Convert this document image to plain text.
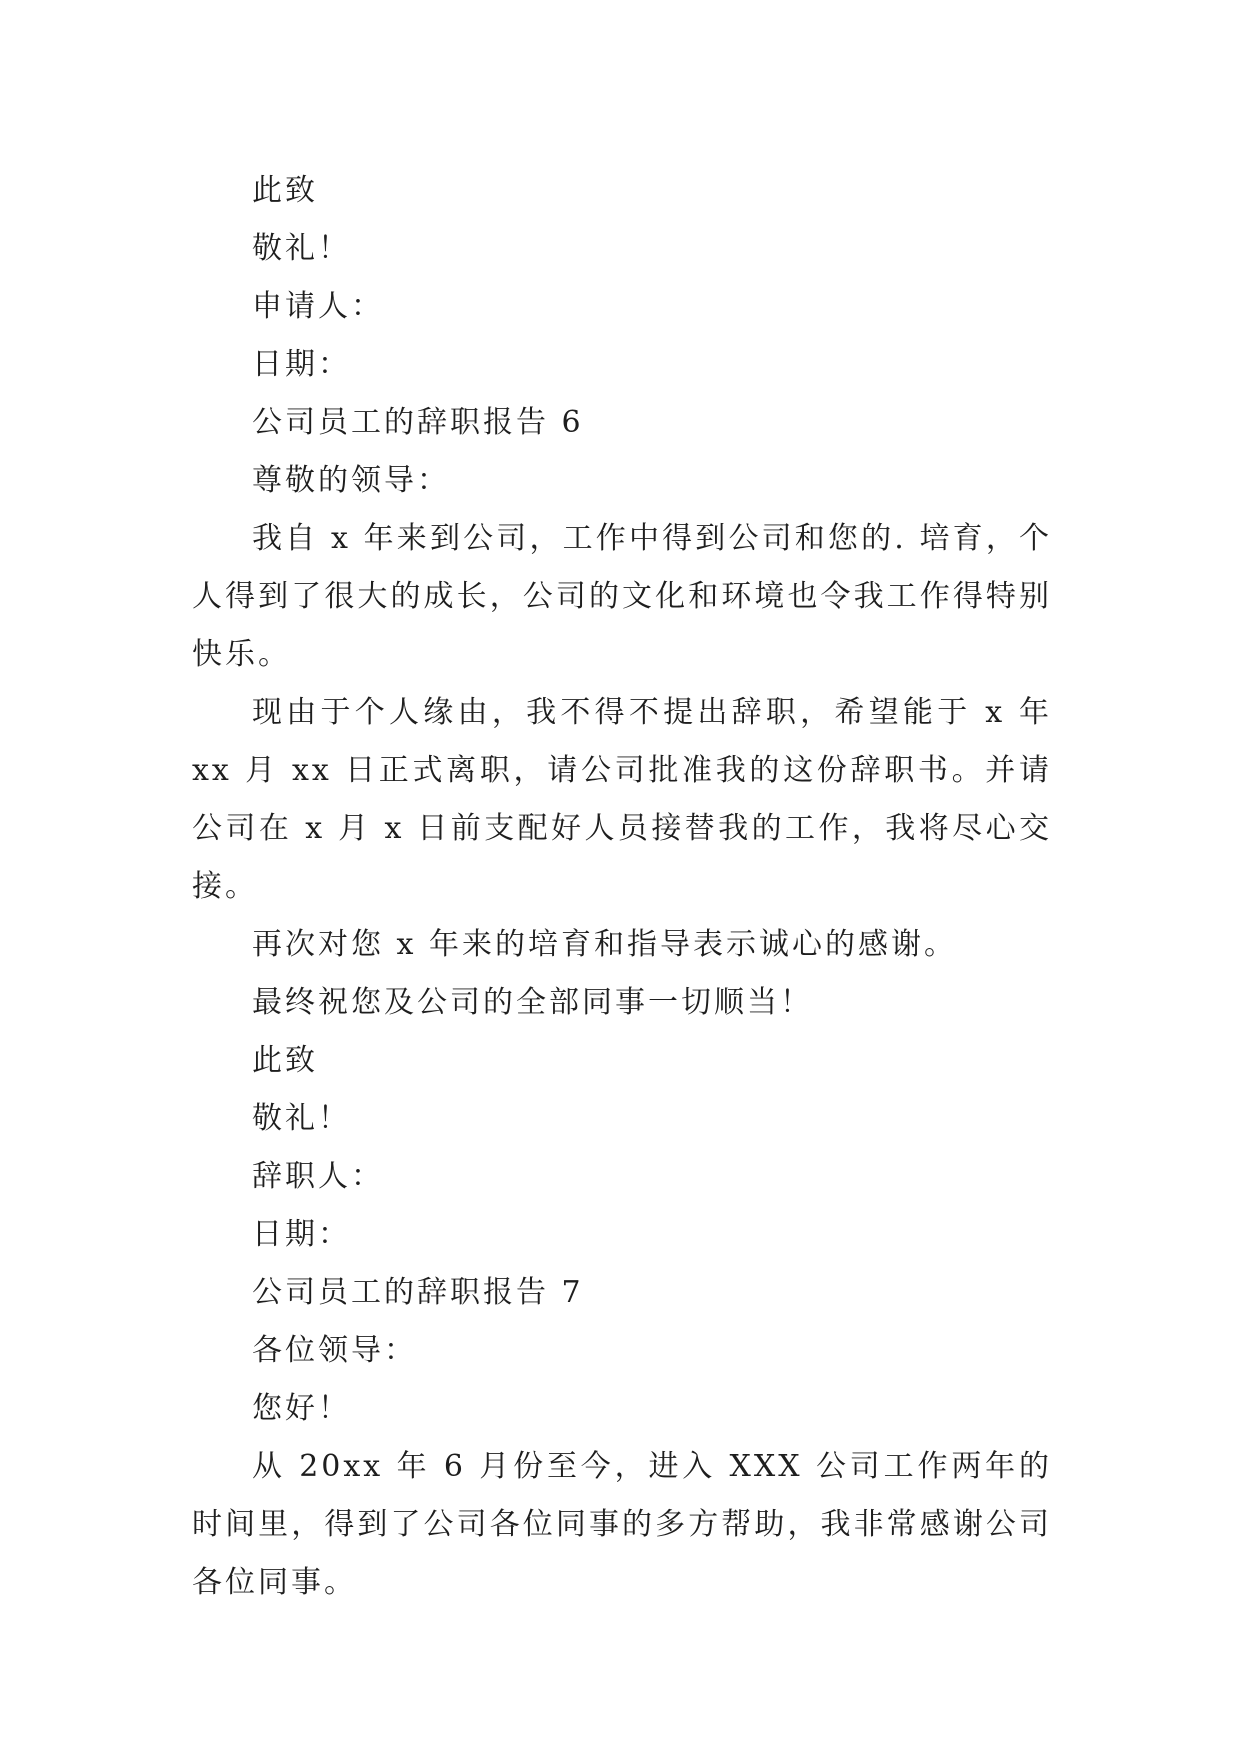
此致

敬礼！

申请人：

日期：

公司员工的辞职报告 6

尊敬的领导：

我自 x 年来到公司，工作中得到公司和您的. 培育，个人得到了很大的成长，公司的文化和环境也令我工作得特别快乐。

现由于个人缘由，我不得不提出辞职，希望能于 x 年 xx 月 xx 日正式离职，请公司批准我的这份辞职书。并请公司在 x 月 x 日前支配好人员接替我的工作，我将尽心交接。

再次对您 x 年来的培育和指导表示诚心的感谢。

最终祝您及公司的全部同事一切顺当！

此致

敬礼！

辞职人：

日期：

公司员工的辞职报告 7

各位领导：

您好！

从 20xx 年 6 月份至今，进入 XXX 公司工作两年的时间里，得到了公司各位同事的多方帮助，我非常感谢公司各位同事。
